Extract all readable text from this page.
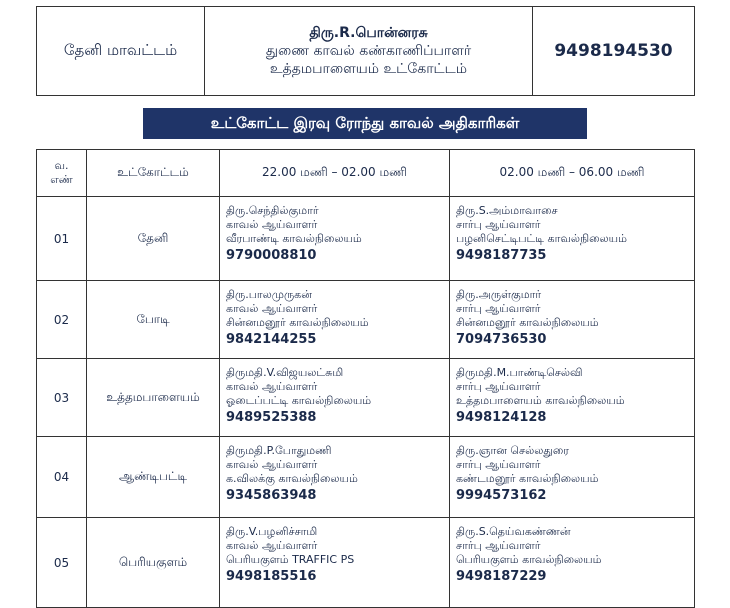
தேனி மாவட்டம்	
திரு.R.பொன்னரசு
துணை காவல் கண்காணிப்பாளர்
உத்தமபாளையம் உட்கோட்டம்
	9498194530
உட்கோட்ட இரவு ரோந்து காவல் அதிகாரிகள்
வ.
எண்	உட்கோட்டம்	22.00 மணி – 02.00 மணி	02.00 மணி – 06.00 மணி
01	தேனி	திரு.செந்தில்குமார்
காவல் ஆய்வாளர்
வீரபாண்டி காவல்நிலையம்
9790008810	திரு.S.அம்மாவாசை
சார்பு ஆய்வாளர்
பழனிசெட்டிபட்டி காவல்நிலையம்
9498187735

02	போடி	திரு.பாலமுருகன்
காவல் ஆய்வாளர்
சின்னமனூர் காவல்நிலையம்
9842144255	திரு.அருள்குமார்
சார்பு ஆய்வாளர்
சின்னமனூர் காவல்நிலையம்
7094736530

03	உத்தமபாளையம்	திருமதி.V.விஜயலட்சுமி
காவல் ஆய்வாளர்
ஓடைப்பட்டி காவல்நிலையம்
9489525388	திருமதி.M.பாண்டிசெல்வி
சார்பு ஆய்வாளர்
உத்தமபாளையம் காவல்நிலையம்
9498124128

04	ஆண்டிபட்டி	திருமதி.P.போதுமணி
காவல் ஆய்வாளர்
க.விலக்கு காவல்நிலையம்
9345863948	திரு.ஞான செல்லதுரை
சார்பு ஆய்வாளர்
கண்டமனூர் காவல்நிலையம்
9994573162

05	பெரியகுளம்	திரு.V.பழனிச்சாமி
காவல் ஆய்வாளர்
பெரியகுளம் TRAFFIC PS
9498185516	திரு.S.தெய்வகண்ணன்
சார்பு ஆய்வாளர்
பெரியகுளம் காவல்நிலையம்
9498187229
